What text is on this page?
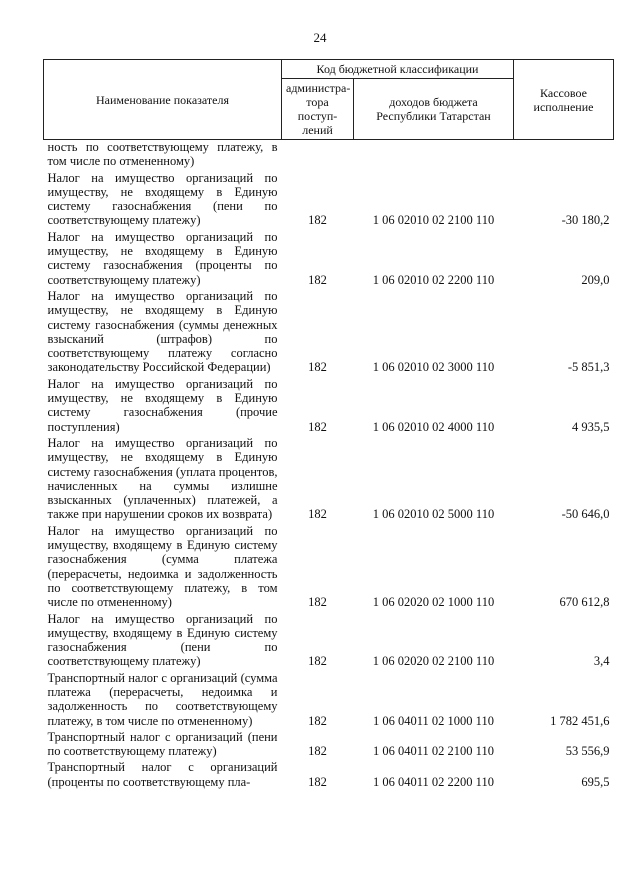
24
Наименование показателя	Код бюджетной классификации		Кассовое исполнение
	администра-тора поступ-лений	доходов бюджета Республики Татарстан	
ность по соответствующему платежу, в том числе по отмененному)			
Налог на имущество организаций по имуществу, не входящему в Единую систему газоснабжения (пени по соответствующему платежу)	182	1 06 02010 02 2100 110	-30 180,2
Налог на имущество организаций по имуществу, не входящему в Единую систему газоснабжения (проценты по соответствующему платежу)	182	1 06 02010 02 2200 110	209,0
Налог на имущество организаций по имуществу, не входящему в Единую систему газоснабжения (суммы денежных взысканий (штрафов) по соответствующему платежу согласно законодательству Российской Федерации)	182	1 06 02010 02 3000 110	-5 851,3
Налог на имущество организаций по имуществу, не входящему в Единую систему газоснабжения (прочие поступления)	182	1 06 02010 02 4000 110	4 935,5
Налог на имущество организаций по имуществу, не входящему в Единую систему газоснабжения (уплата процентов, начисленных на суммы излишне взысканных (уплаченных) платежей, а также при нарушении сроков их возврата)	182	1 06 02010 02 5000 110	-50 646,0
Налог на имущество организаций по имуществу, входящему в Единую систему газоснабжения (сумма платежа (перерасчеты, недоимка и задолженность по соответствующему платежу, в том числе по отмененному)	182	1 06 02020 02 1000 110	670 612,8
Налог на имущество организаций по имуществу, входящему в Единую систему газоснабжения (пени по соответствующему платежу)	182	1 06 02020 02 2100 110	3,4
Транспортный налог с организаций (сумма платежа (перерасчеты, недоимка и задолженность по соответствующему платежу, в том числе по отмененному)	182	1 06 04011 02 1000 110	1 782 451,6
Транспортный налог с организаций (пени по соответствующему платежу)	182	1 06 04011 02 2100 110	53 556,9
Транспортный налог с организаций (проценты по соответствующему пла-	182	1 06 04011 02 2200 110	695,5
